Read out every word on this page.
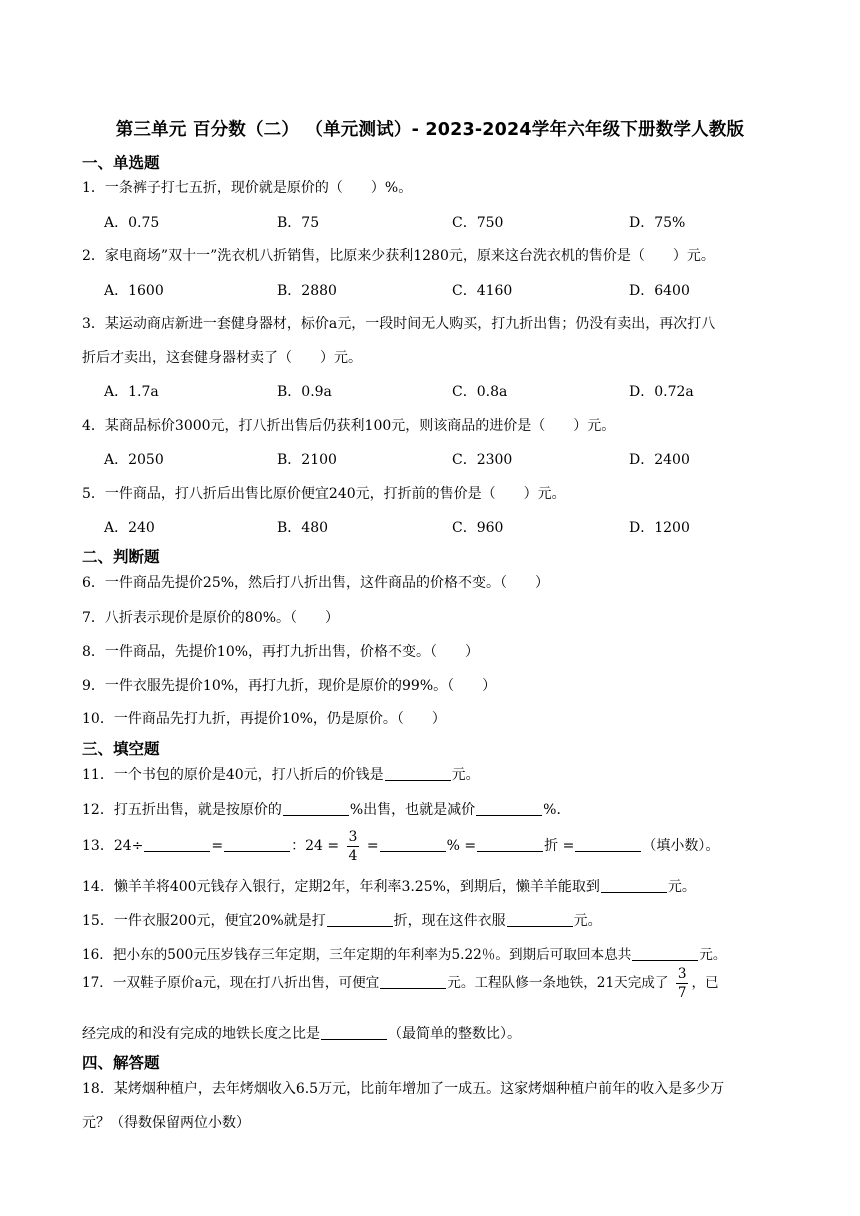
第三单元 百分数（二） （单元测试）- 2023-2024学年六年级下册数学人教版
一、单选题
1．一条裤子打七五折，现价就是原价的（　　）%。
A．0.75	B．75	C．750	D．75%
2．家电商场”双十一”洗衣机八折销售，比原来少获利1280元，原来这台洗衣机的售价是（　　）元。
A．1600	B．2880	C．4160	D．6400
3．某运动商店新进一套健身器材，标价a元，一段时间无人购买，打九折出售；仍没有卖出，再次打八
折后才卖出，这套健身器材卖了（　　）元。
A．1.7a	B．0.9a	C．0.8a	D．0.72a
4．某商品标价3000元，打八折出售后仍获利100元，则该商品的进价是（　　）元。
A．2050	B．2100	C．2300	D．2400
5．一件商品，打八折后出售比原价便宜240元，打折前的售价是（　　）元。
A．240	B．480	C．960	D．1200
二、判断题
6．一件商品先提价25%，然后打八折出售，这件商品的价格不变。（　　）
7．八折表示现价是原价的80%。（　　）
8．一件商品，先提价10%，再打九折出售，价格不变。（　　）
9．一件衣服先提价10%，再打九折，现价是原价的99%。（　　）
10．一件商品先打九折，再提价10%，仍是原价。（　　）
三、填空题
11．一个书包的原价是40元，打八折后的价钱是	元。
12．打五折出售，就是按原价的	%出售，也就是减价	%．
13．24÷	=	：$24 = \frac{3}{4}$ =	% =	折 =	（填小数）。
14．懒羊羊将400元钱存入银行，定期2年，年利率3.25%，到期后，懒羊羊能取到	元。
15．一件衣服200元，便宜20%就是打	折，现在这件衣服	元。
16．把小东的500元压岁钱存三年定期，三年定期的年利率为5.22％。到期后可取回本息共	元。
17．一双鞋子原价a元，现在打八折出售，可便宜	元。工程队修一条地铁，21天完成了 $\frac{3}{7}$ ，已
经完成的和没有完成的地铁长度之比是	（最简单的整数比）。
四、解答题
18．某烤烟种植户，去年烤烟收入6.5万元，比前年增加了一成五。这家烤烟种植户前年的收入是多少万
元？（得数保留两位小数）
